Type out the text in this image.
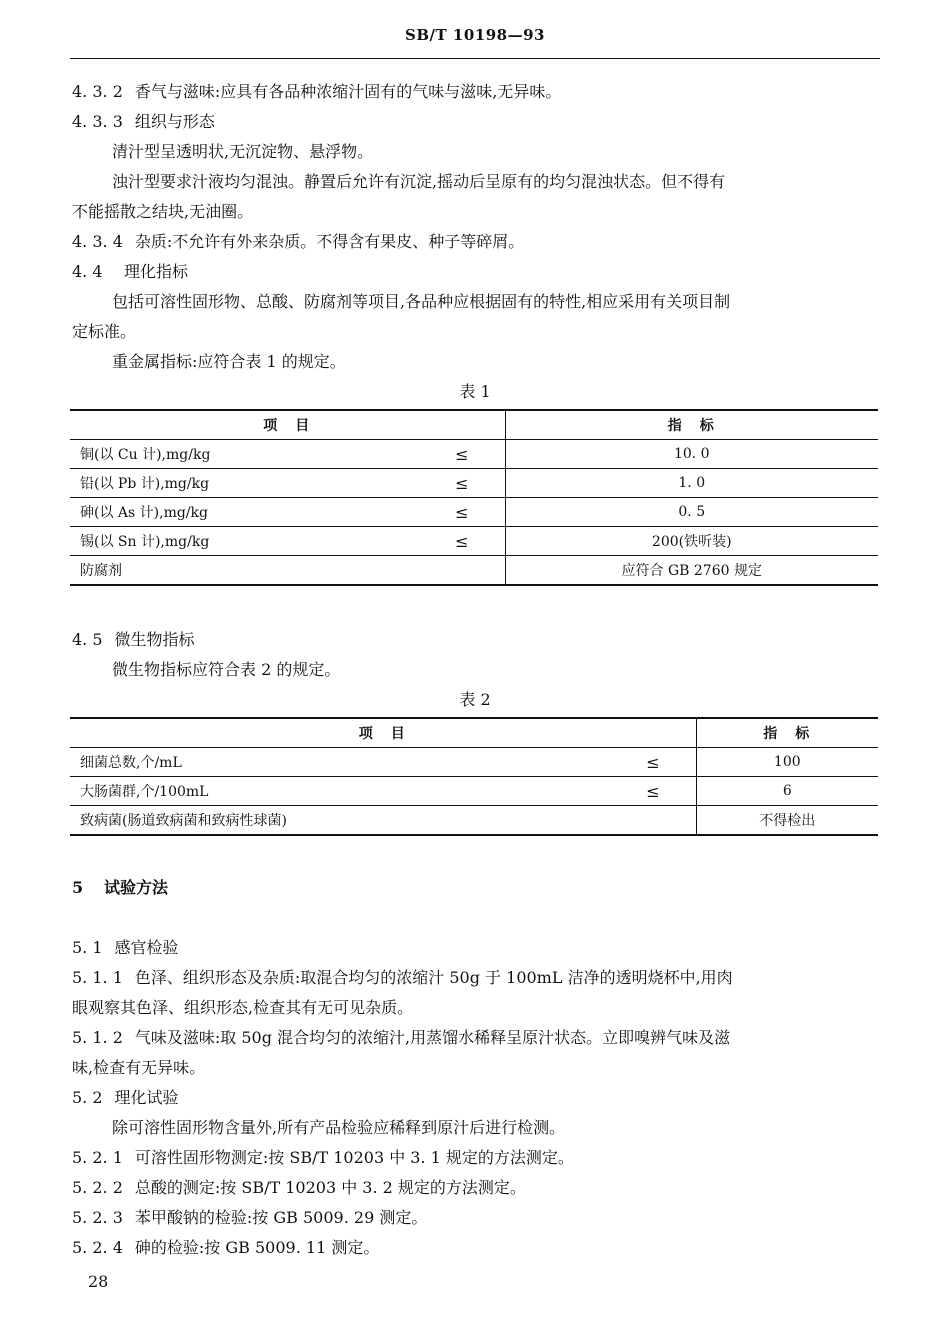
SB/T 10198—93
4. 3. 2 香气与滋味:应具有各品种浓缩汁固有的气味与滋味,无异味。
4. 3. 3 组织与形态
清汁型呈透明状,无沉淀物、悬浮物。
浊汁型要求汁液均匀混浊。静置后允许有沉淀,摇动后呈原有的均匀混浊状态。但不得有
不能摇散之结块,无油圈。
4. 3. 4 杂质:不允许有外来杂质。不得含有果皮、种子等碎屑。
4. 4 理化指标
包括可溶性固形物、总酸、防腐剂等项目,各品种应根据固有的特性,相应采用有关项目制
定标准。
重金属指标:应符合表 1 的规定。
表 1
项　目		指　标
铜(以 Cu 计),mg/kg	≤	10. 0
铅(以 Pb 计),mg/kg	≤	1. 0
砷(以 As 计),mg/kg	≤	0. 5
锡(以 Sn 计),mg/kg	≤	200(铁听装)
防腐剂		应符合 GB 2760 规定
4. 5 微生物指标
微生物指标应符合表 2 的规定。
表 2
项　目		指　标
细菌总数,个/mL	≤	100
大肠菌群,个/100mL	≤	6
致病菌(肠道致病菌和致病性球菌)		不得检出
5 试验方法
5. 1 感官检验
5. 1. 1 色泽、组织形态及杂质:取混合均匀的浓缩汁 50g 于 100mL 洁净的透明烧杯中,用肉
眼观察其色泽、组织形态,检查其有无可见杂质。
5. 1. 2 气味及滋味:取 50g 混合均匀的浓缩汁,用蒸馏水稀释呈原汁状态。立即嗅辨气味及滋
味,检查有无异味。
5. 2 理化试验
除可溶性固形物含量外,所有产品检验应稀释到原汁后进行检测。
5. 2. 1 可溶性固形物测定:按 SB/T 10203 中 3. 1 规定的方法测定。
5. 2. 2 总酸的测定:按 SB/T 10203 中 3. 2 规定的方法测定。
5. 2. 3 苯甲酸钠的检验:按 GB 5009. 29 测定。
5. 2. 4 砷的检验:按 GB 5009. 11 测定。
28
